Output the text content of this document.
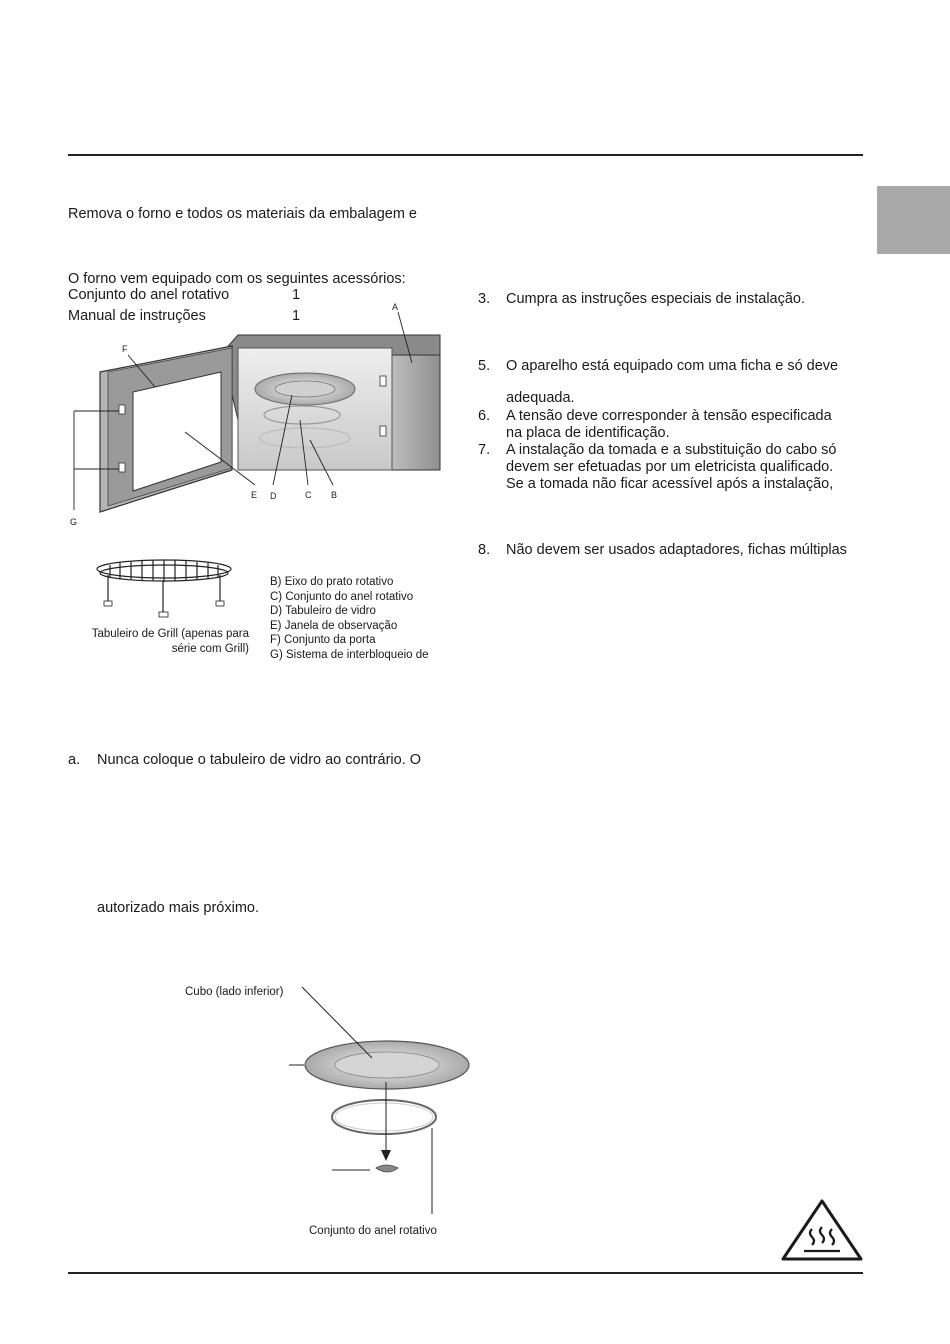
Remova o forno e todos os materiais da embalagem e
O forno vem equipado com os seguintes acessórios:
Conjunto do anel rotativo	1
Manual de instruções	1
A
F
E D	C B
G
Tabuleiro de Grill (apenas para
série com Grill)
B) Eixo do prato rotativo
C) Conjunto do anel rotativo
D) Tabuleiro de vidro
E) Janela de observação
F) Conjunto da porta
G) Sistema de interbloqueio de
a. Nunca coloque o tabuleiro de vidro ao contrário. O
autorizado mais próximo.
Cubo (lado inferior)
Conjunto do anel rotativo
3.	Cumpra as instruções especiais de instalação.
5.	O aparelho está equipado com uma ficha e só deve
adequada.
6.	A tensão deve corresponder à tensão especificada
na placa de identificação.
7.	A instalação da tomada e a substituição do cabo só
devem ser efetuadas por um eletricista qualificado.
Se a tomada não ficar acessível após a instalação,
8.	Não devem ser usados adaptadores, fichas múltiplas
